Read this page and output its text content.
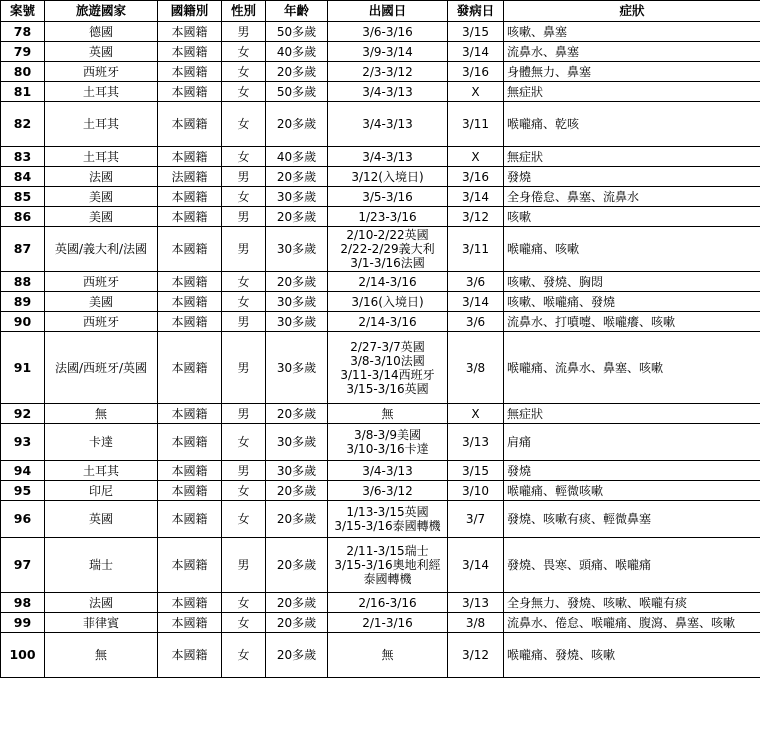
案號	旅遊國家	國籍別	性別	年齡	出國日	發病日	症狀
78	德國	本國籍	男	50多歲	3/6-3/16	3/15	咳嗽、鼻塞
79	英國	本國籍	女	40多歲	3/9-3/14	3/14	流鼻水、鼻塞
80	西班牙	本國籍	女	20多歲	2/3-3/12	3/16	身體無力、鼻塞
81	土耳其	本國籍	女	50多歲	3/4-3/13	X	無症狀
82	土耳其	本國籍	女	20多歲	3/4-3/13	3/11	喉嚨痛、乾咳
83	土耳其	本國籍	女	40多歲	3/4-3/13	X	無症狀
84	法國	法國籍	男	20多歲	3/12(入境日)	3/16	發燒
85	美國	本國籍	女	30多歲	3/5-3/16	3/14	全身倦怠、鼻塞、流鼻水
86	美國	本國籍	男	20多歲	1/23-3/16	3/12	咳嗽
87	英國/義大利/法國	本國籍	男	30多歲	2/10-2/22英國
2/22-2/29義大利
3/1-3/16法國	3/11	喉嚨痛、咳嗽
88	西班牙	本國籍	女	20多歲	2/14-3/16	3/6	咳嗽、發燒、胸悶
89	美國	本國籍	女	30多歲	3/16(入境日)	3/14	咳嗽、喉嚨痛、發燒
90	西班牙	本國籍	男	30多歲	2/14-3/16	3/6	流鼻水、打噴嚏、喉嚨癢、咳嗽
91	法國/西班牙/英國	本國籍	男	30多歲	2/27-3/7英國
3/8-3/10法國
3/11-3/14西班牙
3/15-3/16英國	3/8	喉嚨痛、流鼻水、鼻塞、咳嗽
92	無	本國籍	男	20多歲	無	X	無症狀
93	卡達	本國籍	女	30多歲	3/8-3/9美國
3/10-3/16卡達	3/13	肩痛
94	土耳其	本國籍	男	30多歲	3/4-3/13	3/15	發燒
95	印尼	本國籍	女	20多歲	3/6-3/12	3/10	喉嚨痛、輕微咳嗽
96	英國	本國籍	女	20多歲	1/13-3/15英國
3/15-3/16泰國轉機	3/7	發燒、咳嗽有痰、輕微鼻塞
97	瑞士	本國籍	男	20多歲	2/11-3/15瑞士
3/15-3/16奧地利經
泰國轉機	3/14	發燒、畏寒、頭痛、喉嚨痛
98	法國	本國籍	女	20多歲	2/16-3/16	3/13	全身無力、發燒、咳嗽、喉嚨有痰
99	菲律賓	本國籍	女	20多歲	2/1-3/16	3/8	流鼻水、倦怠、喉嚨痛、腹瀉、鼻塞、咳嗽
100	無	本國籍	女	20多歲	無	3/12	喉嚨痛、發燒、咳嗽
